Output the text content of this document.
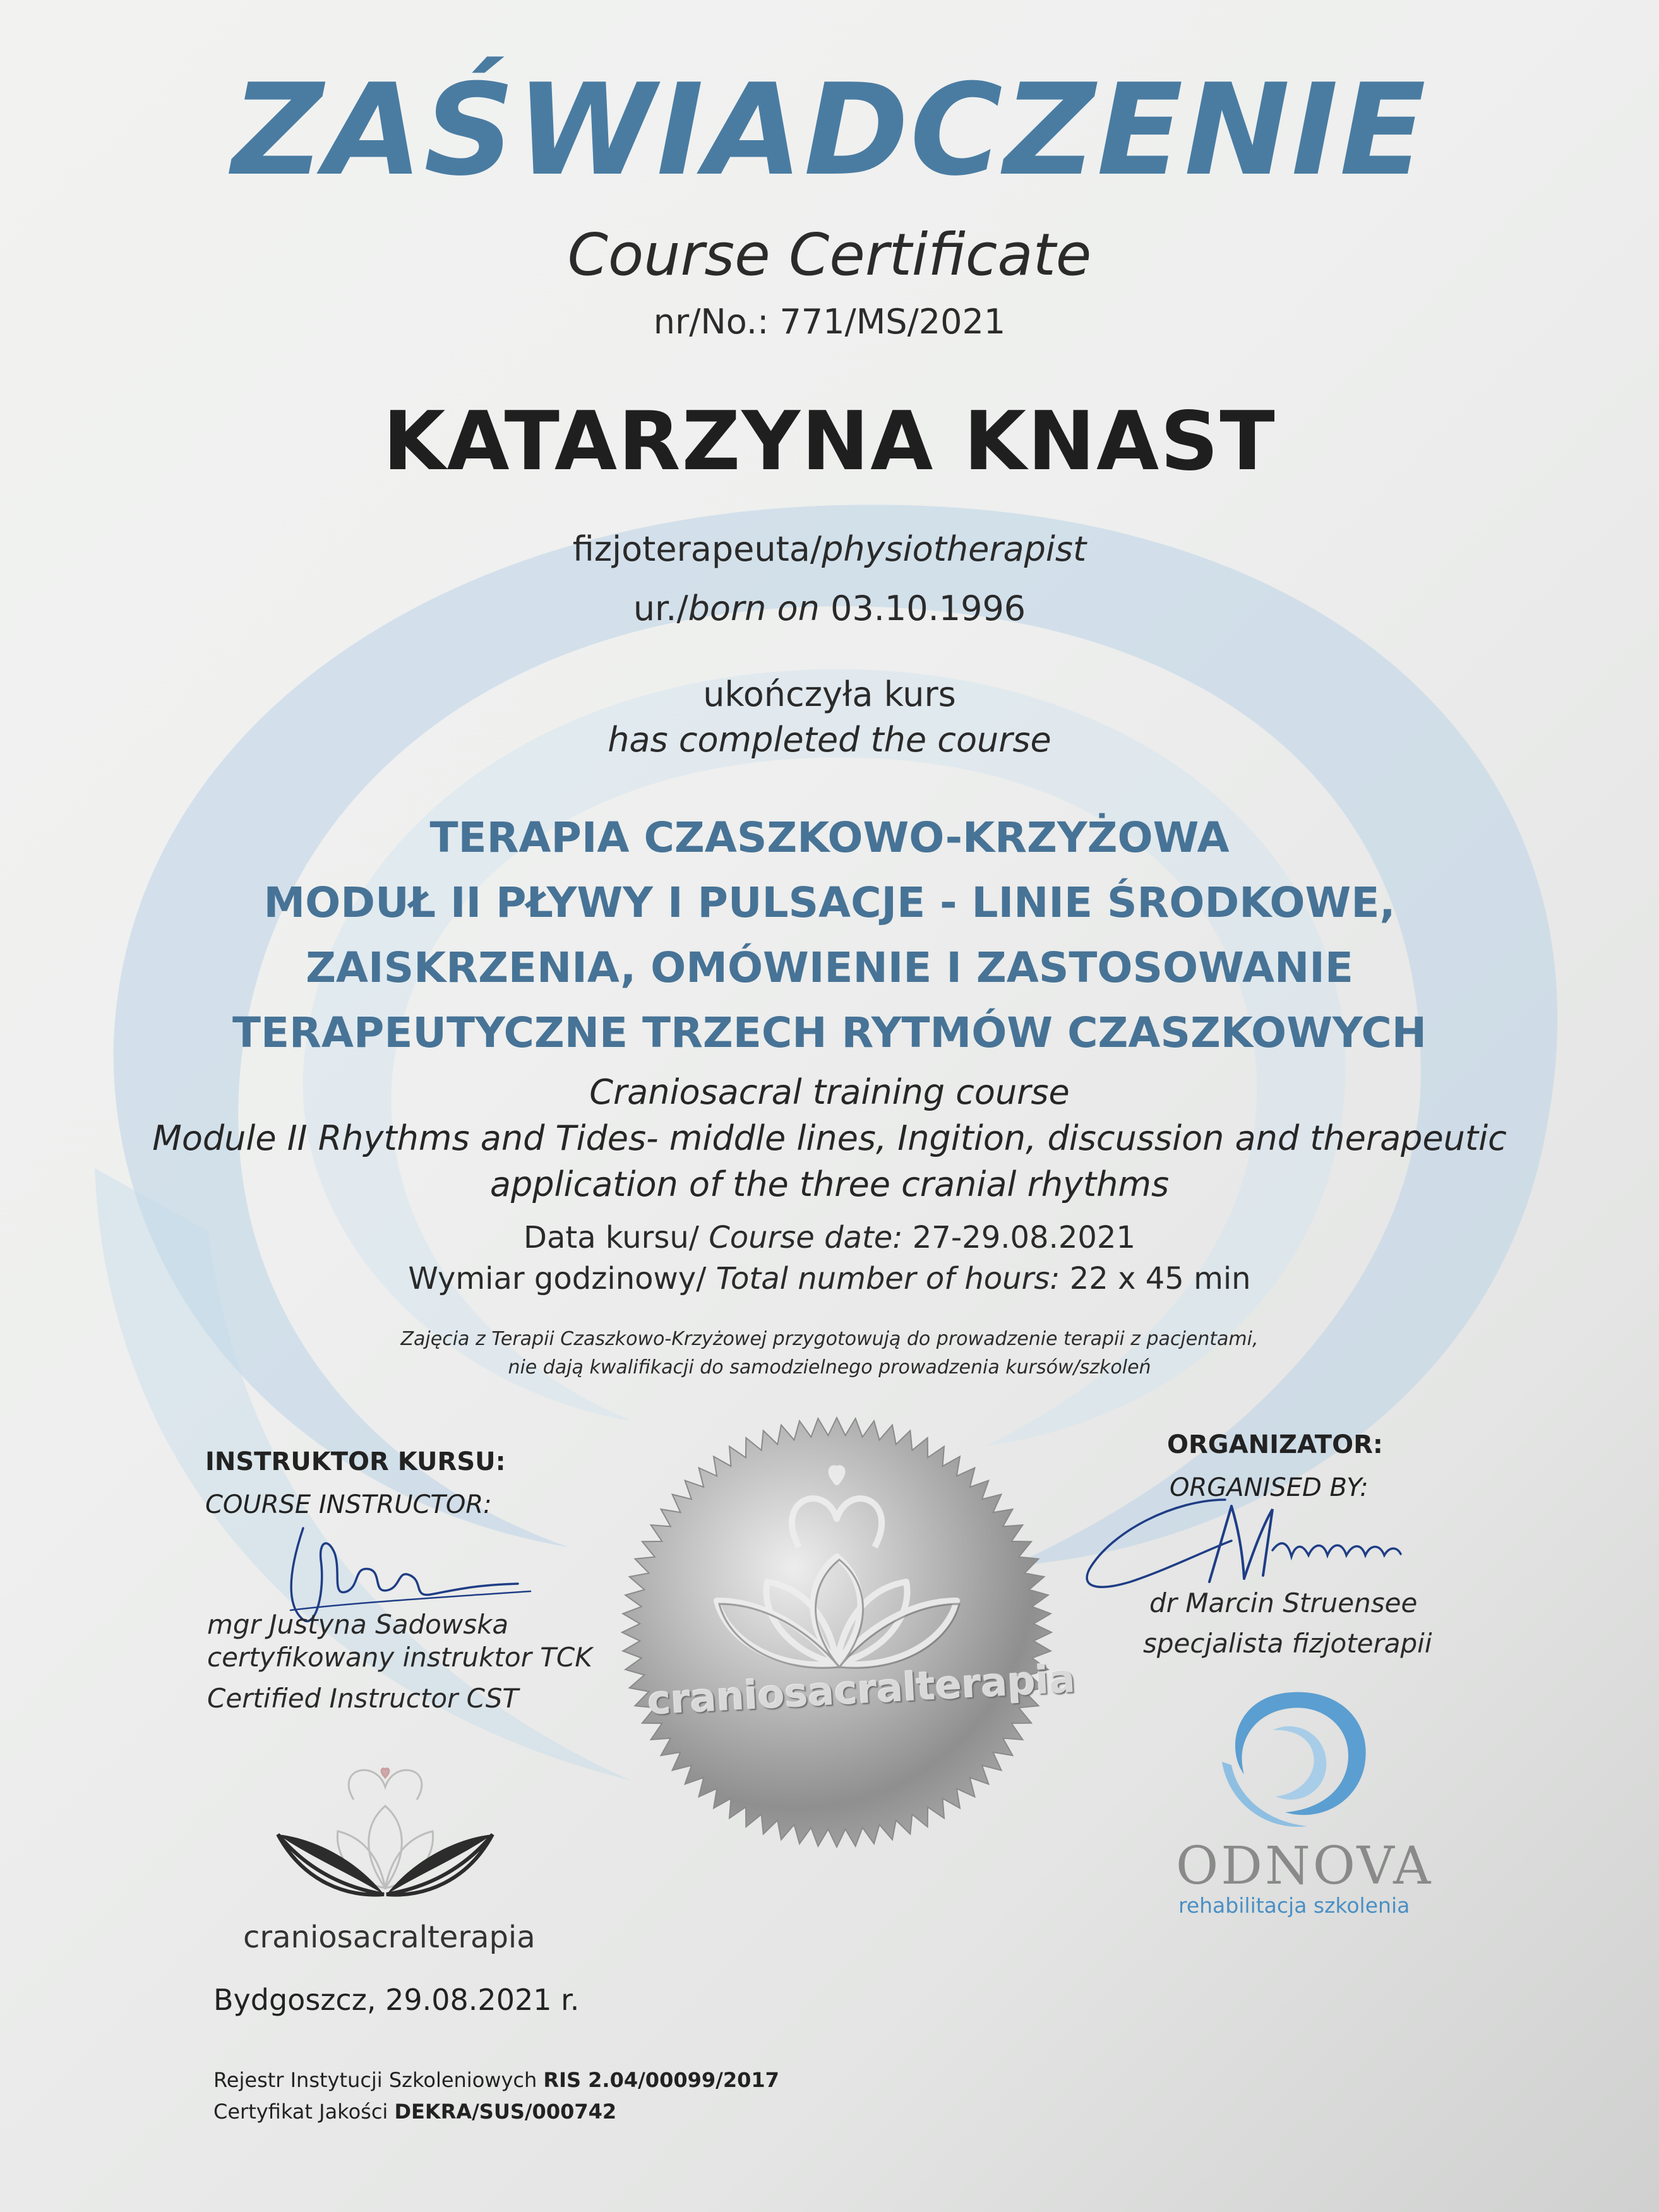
ZAŚWIADCZENIE
Course Certificate
nr/No.: 771/MS/2021
KATARZYNA KNAST
fizjoterapeuta/physiotherapist
ur./born on 03.10.1996
ukończyła kurs
has completed the course
TERAPIA CZASZKOWO-KRZYŻOWA
MODUŁ II PŁYWY I PULSACJE - LINIE ŚRODKOWE,
ZAISKRZENIA, OMÓWIENIE I ZASTOSOWANIE
TERAPEUTYCZNE TRZECH RYTMÓW CZASZKOWYCH
Craniosacral training course
Module II Rhythms and Tides- middle lines, Ingition, discussion and therapeutic
application of the three cranial rhythms
Data kursu/ Course date: 27-29.08.2021
Wymiar godzinowy/ Total number of hours: 22 x 45 min
Zajęcia z Terapii Czaszkowo-Krzyżowej przygotowują do prowadzenie terapii z pacjentami,
nie dają kwalifikacji do samodzielnego prowadzenia kursów/szkoleń
INSTRUKTOR KURSU:
COURSE INSTRUCTOR:
mgr Justyna Sadowska
certyfikowany instruktor TCK
Certified Instructor CST
ORGANIZATOR:
ORGANISED BY:
dr Marcin Struensee
specjalista fizjoterapii
craniosacralterapia
craniosacralterapia
ODNOVA
rehabilitacja szkolenia
Bydgoszcz, 29.08.2021 r.
Rejestr Instytucji Szkoleniowych RIS 2.04/00099/2017
Certyfikat Jakości DEKRA/SUS/000742
